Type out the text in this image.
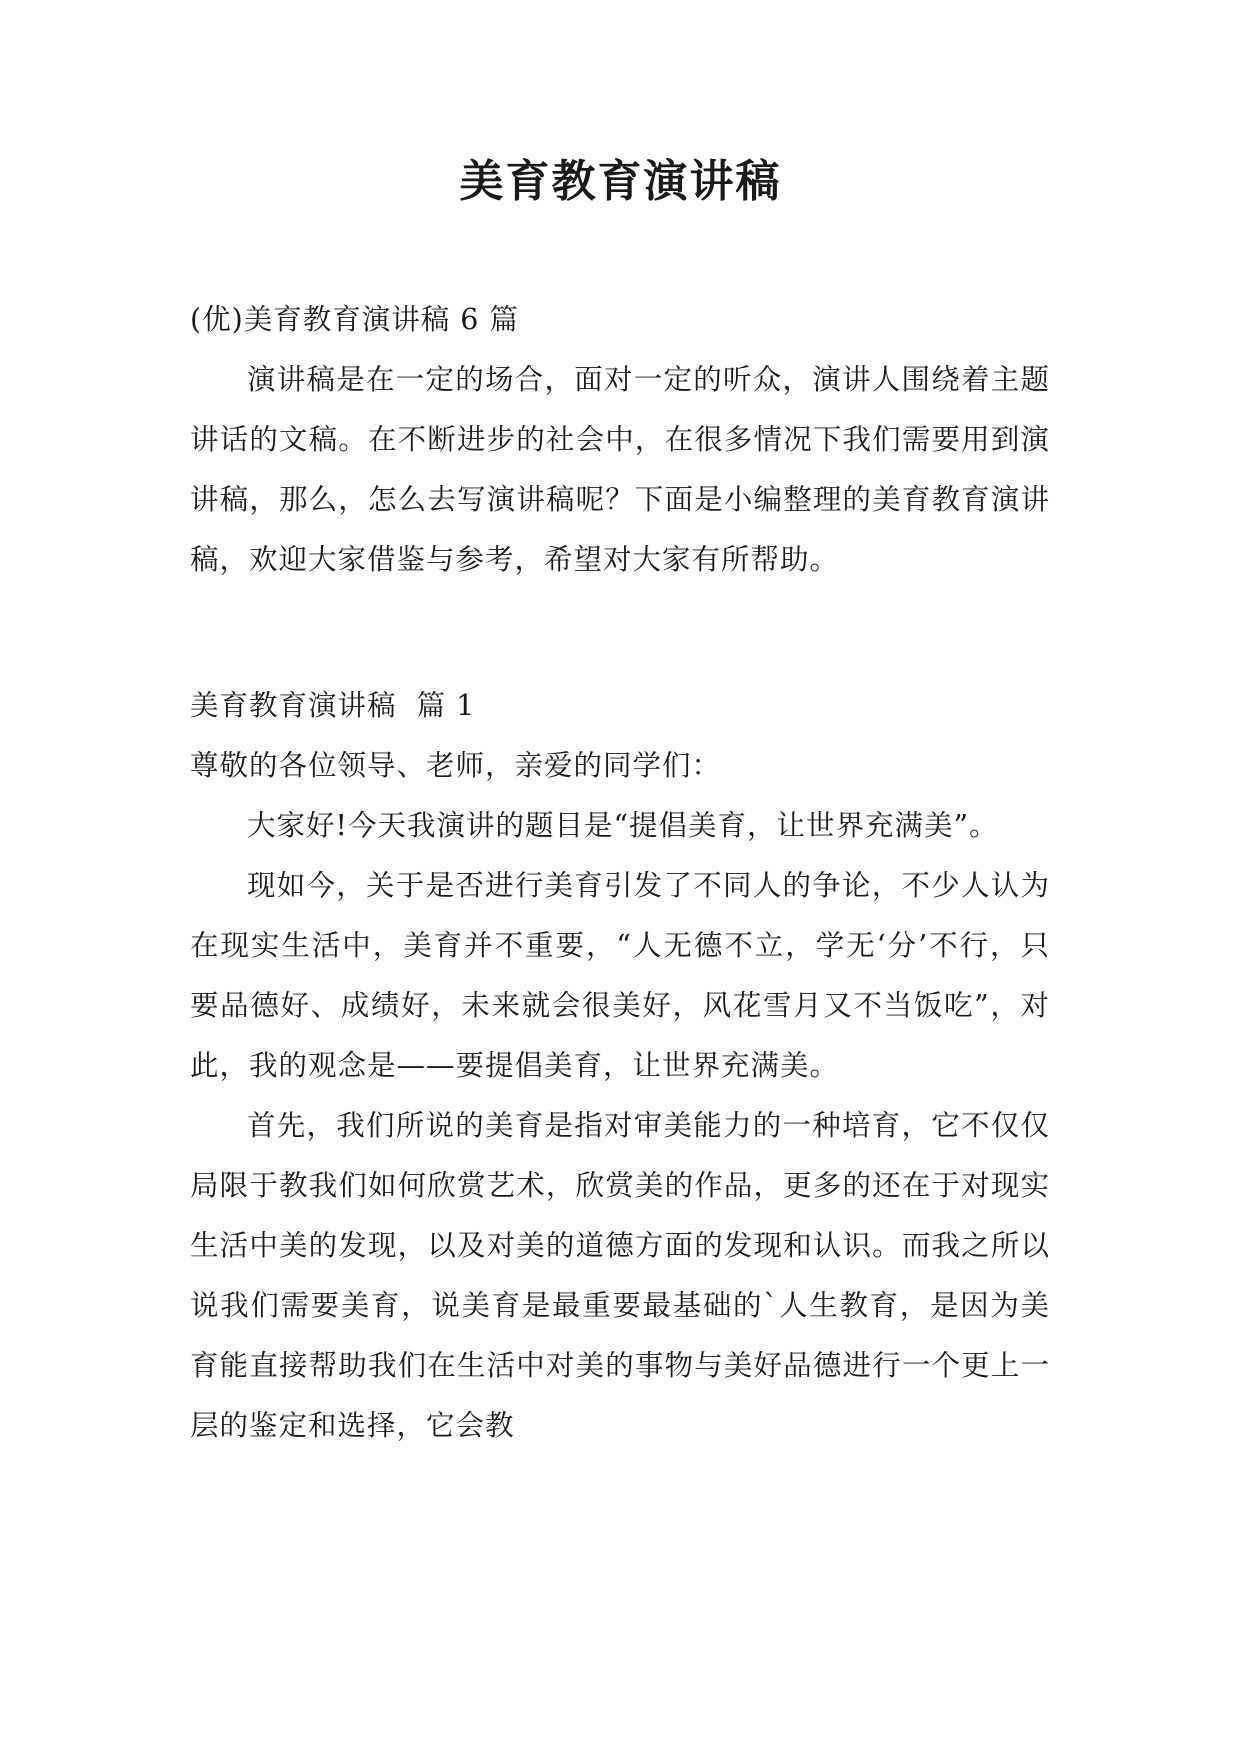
美育教育演讲稿

(优)美育教育演讲稿 6 篇

演讲稿是在一定的场合，面对一定的听众，演讲人围绕着主题讲话的文稿。在不断进步的社会中，在很多情况下我们需要用到演讲稿，那么，怎么去写演讲稿呢？下面是小编整理的美育教育演讲稿，欢迎大家借鉴与参考，希望对大家有所帮助。

美育教育演讲稿  篇 1

尊敬的各位领导、老师，亲爱的同学们：

大家好!今天我演讲的题目是“提倡美育，让世界充满美”。

现如今，关于是否进行美育引发了不同人的争论，不少人认为在现实生活中，美育并不重要，“人无德不立，学无‘分’不行，只要品德好、成绩好，未来就会很美好，风花雪月又不当饭吃”，对此，我的观念是——要提倡美育，让世界充满美。

首先，我们所说的美育是指对审美能力的一种培育，它不仅仅局限于教我们如何欣赏艺术，欣赏美的作品，更多的还在于对现实生活中美的发现，以及对美的道德方面的发现和认识。而我之所以说我们需要美育，说美育是最重要最基础的`人生教育，是因为美育能直接帮助我们在生活中对美的事物与美好品德进行一个更上一层的鉴定和选择，它会教
